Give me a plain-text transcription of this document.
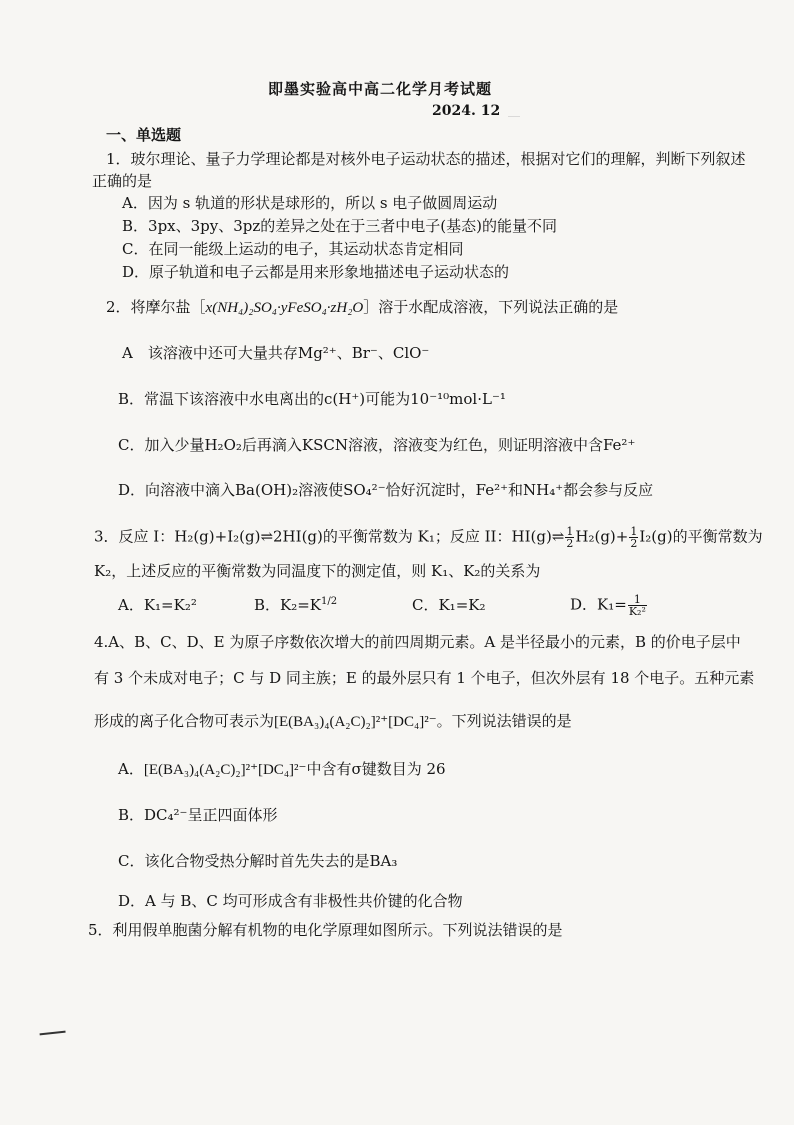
即墨实验高中高二化学月考试题
2024. 12
一、单选题
1．玻尔理论、量子力学理论都是对核外电子运动状态的描述，根据对它们的理解，判断下列叙述
正确的是
A．因为 s 轨道的形状是球形的，所以 s 电子做圆周运动
B．3px、3py、3pz的差异之处在于三者中电子(基态)的能量不同
C．在同一能级上运动的电子，其运动状态肯定相同
D．原子轨道和电子云都是用来形象地描述电子运动状态的
2．将摩尔盐［x(NH₄)₂SO₄·yFeSO₄·zH₂O］溶于水配成溶液，下列说法正确的是
A　该溶液中还可大量共存Mg²⁺、Br⁻、ClO⁻
B．常温下该溶液中水电离出的c(H⁺)可能为10⁻¹⁰mol·L⁻¹
C．加入少量H₂O₂后再滴入KSCN溶液，溶液变为红色，则证明溶液中含Fe²⁺
D．向溶液中滴入Ba(OH)₂溶液使SO₄²⁻恰好沉淀时，Fe²⁺和NH₄⁺都会参与反应
3．反应 I：H₂(g)+I₂(g)⇌2HI(g)的平衡常数为 K₁；反应 II：HI(g)⇌ $\frac{1}{2} H_2(g)+ \frac{1}{2} I_2(g)$的平衡常数为
K₂，上述反应的平衡常数为同温度下的测定值，则 K₁、K₂的关系为
A．K₁=K₂²	B．$K_2=K^{1/2}$	C．K₁=K₂	D．$K_1= \frac{1}{\text{K₂²}}$
4.A、B、C、D、E 为原子序数依次增大的前四周期元素。A 是半径最小的元素，B 的价电子层中
有 3 个未成对电子；C 与 D 同主族；E 的最外层只有 1 个电子，但次外层有 18 个电子。五种元素
形成的离子化合物可表示为[E(BA₃)₄(A₂C)₂]²⁺[DC₄]²⁻。下列说法错误的是
A．[E(BA₃)₄(A₂C)₂]²⁺[DC₄]²⁻中含有σ键数目为 26
B．DC₄²⁻呈正四面体形
C．该化合物受热分解时首先失去的是BA₃
D．A 与 B、C 均可形成含有非极性共价键的化合物
5．利用假单胞菌分解有机物的电化学原理如图所示。下列说法错误的是
＿
